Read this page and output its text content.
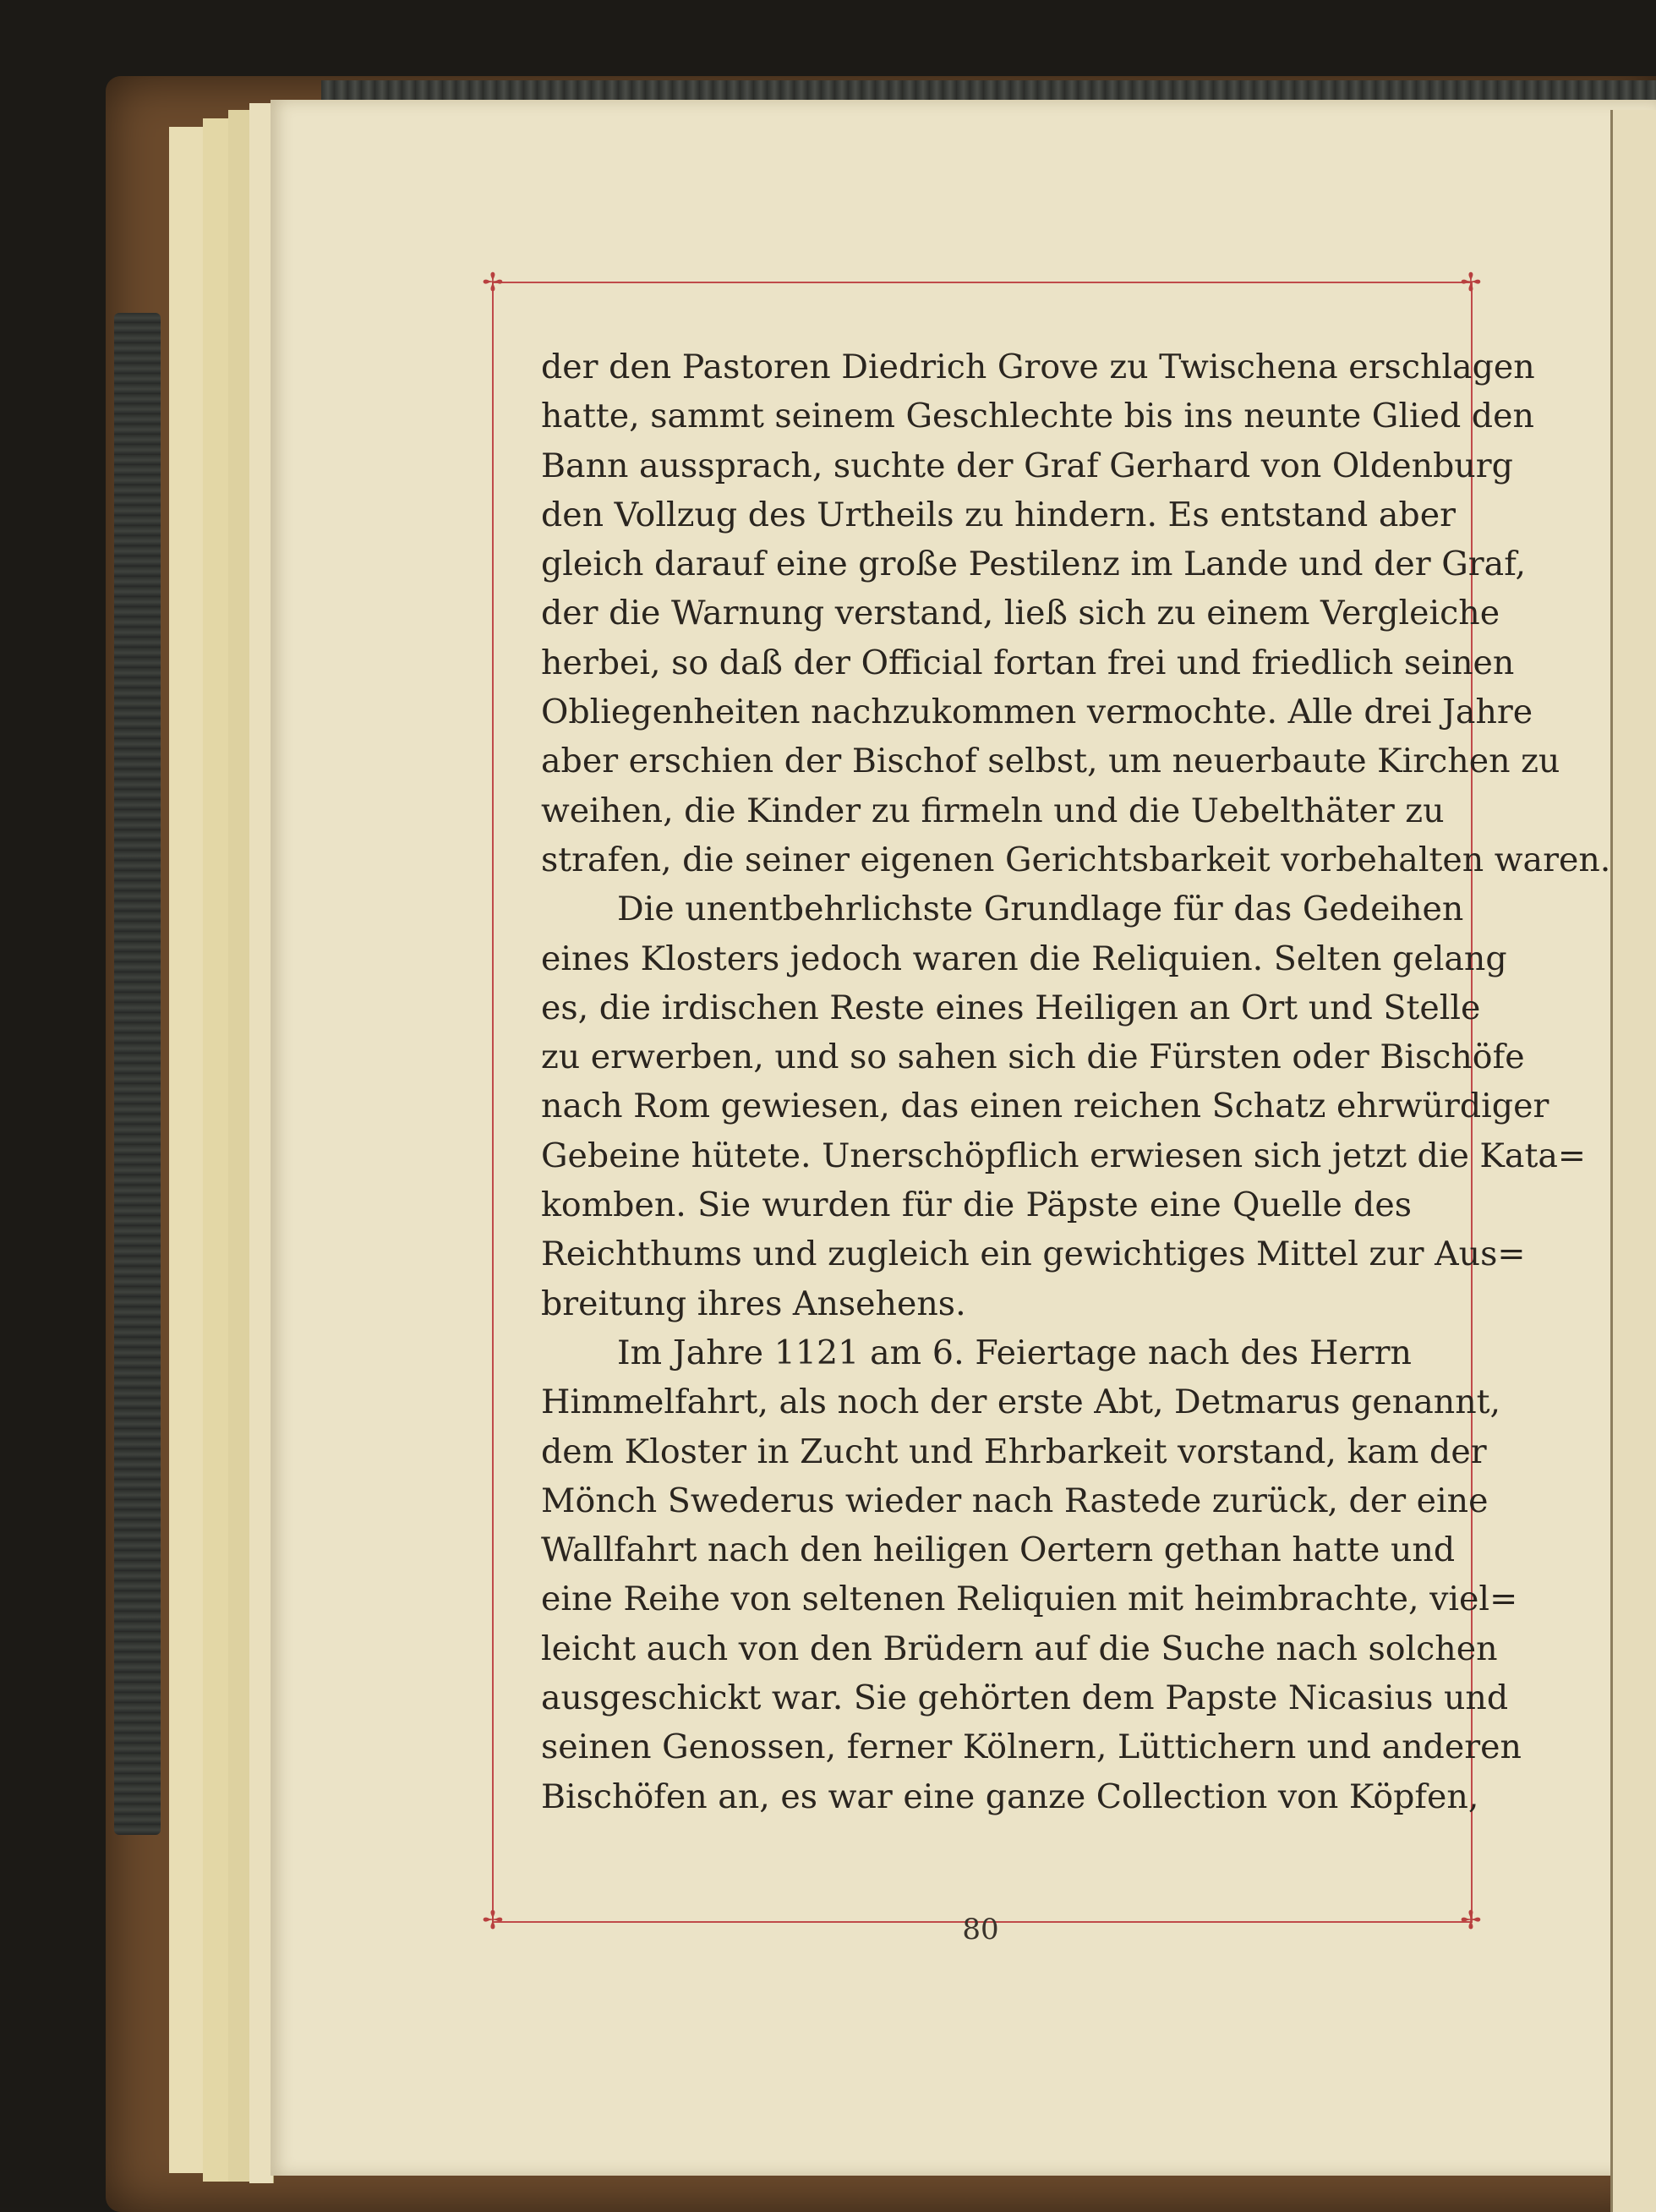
✢	✢
✢	✢
der den Pastoren Diedrich Grove zu Twischena erschlagen
hatte, sammt seinem Geschlechte bis ins neunte Glied den
Bann aussprach, suchte der Graf Gerhard von Oldenburg
den Vollzug des Urtheils zu hindern. Es entstand aber
gleich darauf eine große Pestilenz im Lande und der Graf,
der die Warnung verstand, ließ sich zu einem Vergleiche
herbei, so daß der Official fortan frei und friedlich seinen
Obliegenheiten nachzukommen vermochte. Alle drei Jahre
aber erschien der Bischof selbst, um neuerbaute Kirchen zu
weihen, die Kinder zu firmeln und die Uebelthäter zu
strafen, die seiner eigenen Gerichtsbarkeit vorbehalten waren.
Die unentbehrlichste Grundlage für das Gedeihen
eines Klosters jedoch waren die Reliquien. Selten gelang
es, die irdischen Reste eines Heiligen an Ort und Stelle
zu erwerben, und so sahen sich die Fürsten oder Bischöfe
nach Rom gewiesen, das einen reichen Schatz ehrwürdiger
Gebeine hütete. Unerschöpflich erwiesen sich jetzt die Kata=
komben. Sie wurden für die Päpste eine Quelle des
Reichthums und zugleich ein gewichtiges Mittel zur Aus=
breitung ihres Ansehens.
Im Jahre 1121 am 6. Feiertage nach des Herrn
Himmelfahrt, als noch der erste Abt, Detmarus genannt,
dem Kloster in Zucht und Ehrbarkeit vorstand, kam der
Mönch Swederus wieder nach Rastede zurück, der eine
Wallfahrt nach den heiligen Oertern gethan hatte und
eine Reihe von seltenen Reliquien mit heimbrachte, viel=
leicht auch von den Brüdern auf die Suche nach solchen
ausgeschickt war. Sie gehörten dem Papste Nicasius und
seinen Genossen, ferner Kölnern, Lüttichern und anderen
Bischöfen an, es war eine ganze Collection von Köpfen,
80
